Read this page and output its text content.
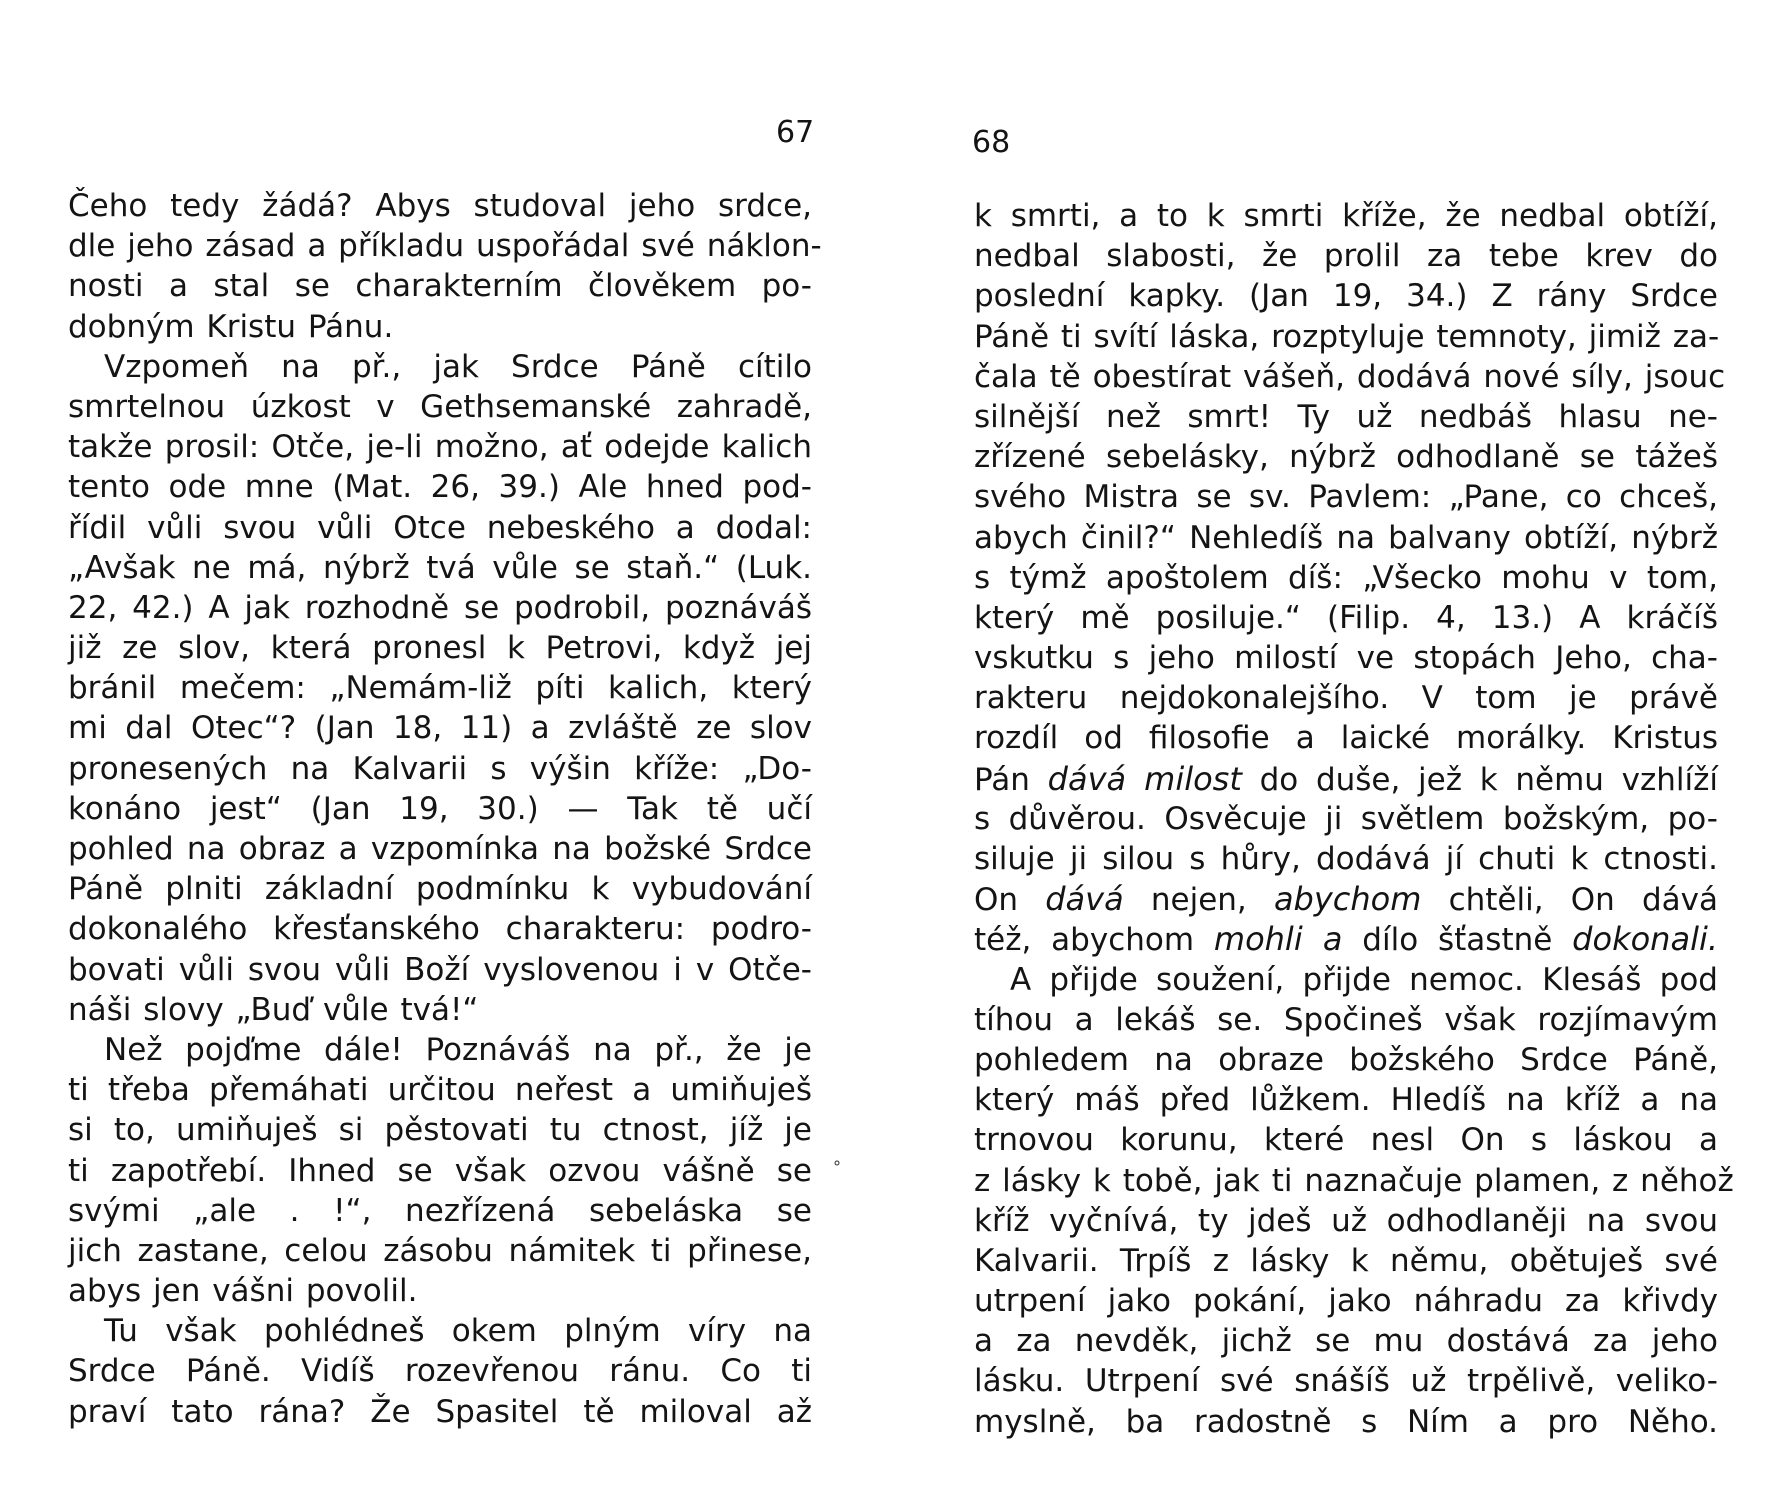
67
Čeho tedy žádá? Abys studoval jeho srdce,
dle jeho zásad a příkladu uspořádal své náklon-
nosti a stal se charakterním člověkem po-
dobným Kristu Pánu.
Vzpomeň na př., jak Srdce Páně cítilo
smrtelnou úzkost v Gethsemanské zahradě,
takže prosil: Otče, je-li možno, ať odejde kalich
tento ode mne (Mat. 26, 39.) Ale hned pod-
řídil vůli svou vůli Otce nebeského a dodal:
„Avšak ne má, nýbrž tvá vůle se staň.“ (Luk.
22, 42.) A jak rozhodně se podrobil, poznáváš
již ze slov, která pronesl k Petrovi, když jej
bránil mečem: „Nemám-liž píti kalich, který
mi dal Otec“? (Jan 18, 11) a zvláště ze slov
pronesených na Kalvarii s výšin kříže: „Do-
konáno jest“ (Jan 19, 30.) — Tak tě učí
pohled na obraz a vzpomínka na božské Srdce
Páně plniti základní podmínku k vybudování
dokonalého křesťanského charakteru: podro-
bovati vůli svou vůli Boží vyslovenou i v Otče-
náši slovy „Buď vůle tvá!“
Než pojďme dále! Poznáváš na př., že je
ti třeba přemáhati určitou neřest a umiňuješ
si to, umiňuješ si pěstovati tu ctnost, jíž je
ti zapotřebí. Ihned se však ozvou vášně se
svými „ale . !“, nezřízená sebeláska se
jich zastane, celou zásobu námitek ti přinese,
abys jen vášni povolil.
Tu však pohlédneš okem plným víry na
Srdce Páně. Vidíš rozevřenou ránu. Co ti
praví tato rána? Že Spasitel tě miloval až
∘
68
k smrti, a to k smrti kříže, že nedbal obtíží,
nedbal slabosti, že prolil za tebe krev do
poslední kapky. (Jan 19, 34.) Z rány Srdce
Páně ti svítí láska, rozptyluje temnoty, jimiž za-
čala tě obestírat vášeň, dodává nové síly, jsouc
silnější než smrt! Ty už nedbáš hlasu ne-
zřízené sebelásky, nýbrž odhodlaně se tážeš
svého Mistra se sv. Pavlem: „Pane, co chceš,
abych činil?“ Nehledíš na balvany obtíží, nýbrž
s týmž apoštolem díš: „Všecko mohu v tom,
který mě posiluje.“ (Filip. 4, 13.) A kráčíš
vskutku s jeho milostí ve stopách Jeho, cha-
rakteru nejdokonalejšího. V tom je právě
rozdíl od filosofie a laické morálky. Kristus
Pán dává milost do duše, jež k němu vzhlíží
s důvěrou. Osvěcuje ji světlem božským, po-
siluje ji silou s hůry, dodává jí chuti k ctnosti.
On dává nejen, abychom chtěli, On dává
též, abychom mohli a dílo šťastně dokonali.
A přijde soužení, přijde nemoc. Klesáš pod
tíhou a lekáš se. Spočineš však rozjímavým
pohledem na obraze božského Srdce Páně,
který máš před lůžkem. Hledíš na kříž a na
trnovou korunu, které nesl On s láskou a
z lásky k tobě, jak ti naznačuje plamen, z něhož
kříž vyčnívá, ty jdeš už odhodlaněji na svou
Kalvarii. Trpíš z lásky k němu, obětuješ své
utrpení jako pokání, jako náhradu za křivdy
a za nevděk, jichž se mu dostává za jeho
lásku. Utrpení své snášíš už trpělivě, veliko-
myslně, ba radostně s Ním a pro Něho.
